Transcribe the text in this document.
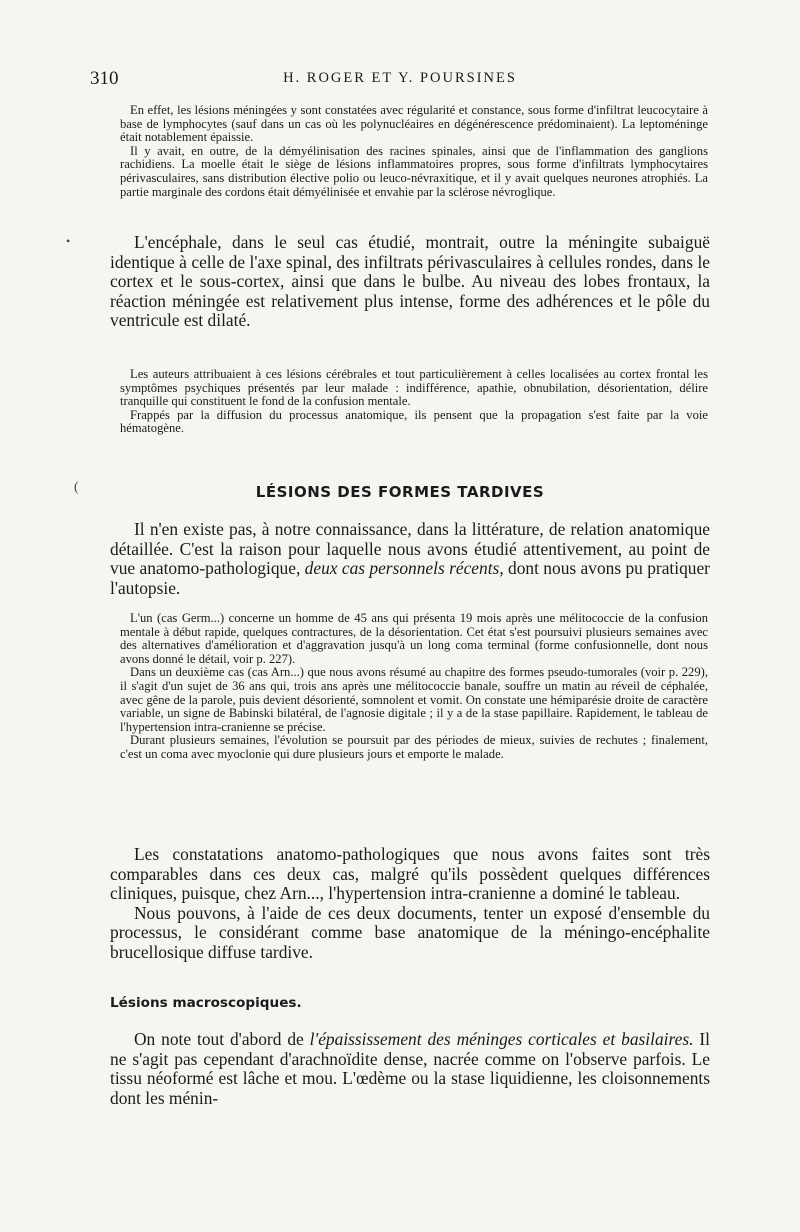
310	H. ROGER ET Y. POURSINES

En effet, les lésions méningées y sont constatées avec régularité et constance, sous forme d'infiltrat leucocytaire à base de lymphocytes (sauf dans un cas où les polynucléaires en dégénérescence prédominaient). La leptoméninge était notablement épaissie.

Il y avait, en outre, de la démyélinisation des racines spinales, ainsi que de l'inflammation des ganglions rachidiens. La moelle était le siège de lésions inflammatoires propres, sous forme d'infiltrats lymphocytaires périvasculaires, sans distribution élective polio ou leuco-névraxitique, et il y avait quelques neurones atrophiés. La partie marginale des cordons était démyélinisée et envahie par la sclérose névroglique.

L'encéphale, dans le seul cas étudié, montrait, outre la méningite subaiguë identique à celle de l'axe spinal, des infiltrats périvasculaires à cellules rondes, dans le cortex et le sous-cortex, ainsi que dans le bulbe. Au niveau des lobes frontaux, la réaction méningée est relativement plus intense, forme des adhérences et le pôle du ventricule est dilaté.

Les auteurs attribuaient à ces lésions cérébrales et tout particulièrement à celles localisées au cortex frontal les symptômes psychiques présentés par leur malade : indifférence, apathie, obnubilation, désorientation, délire tranquille qui constituent le fond de la confusion mentale.

Frappés par la diffusion du processus anatomique, ils pensent que la propagation s'est faite par la voie hématogène.

LÉSIONS DES FORMES TARDIVES

Il n'en existe pas, à notre connaissance, dans la littérature, de relation anatomique détaillée. C'est la raison pour laquelle nous avons étudié attentivement, au point de vue anatomo-pathologique, deux cas personnels récents, dont nous avons pu pratiquer l'autopsie.

L'un (cas Germ...) concerne un homme de 45 ans qui présenta 19 mois après une mélitococcie de la confusion mentale à début rapide, quelques contractures, de la désorientation. Cet état s'est poursuivi plusieurs semaines avec des alternatives d'amélioration et d'aggravation jusqu'à un long coma terminal (forme confusionnelle, dont nous avons donné le détail, voir p. 227).

Dans un deuxième cas (cas Arn...) que nous avons résumé au chapitre des formes pseudo-tumorales (voir p. 229), il s'agit d'un sujet de 36 ans qui, trois ans après une mélitococcie banale, souffre un matin au réveil de céphalée, avec gêne de la parole, puis devient désorienté, somnolent et vomit. On constate une hémiparésie droite de caractère variable, un signe de Babinski bilatéral, de l'agnosie digitale ; il y a de la stase papillaire. Rapidement, le tableau de l'hypertension intra-cranienne se précise.

Durant plusieurs semaines, l'évolution se poursuit par des périodes de mieux, suivies de rechutes ; finalement, c'est un coma avec myoclonie qui dure plusieurs jours et emporte le malade.

Les constatations anatomo-pathologiques que nous avons faites sont très comparables dans ces deux cas, malgré qu'ils possèdent quelques différences cliniques, puisque, chez Arn..., l'hypertension intra-cranienne a dominé le tableau.

Nous pouvons, à l'aide de ces deux documents, tenter un exposé d'ensemble du processus, le considérant comme base anatomique de la méningo-encéphalite brucellosique diffuse tardive.

Lésions macroscopiques.

On note tout d'abord de l'épaississement des méninges corticales et basilaires. Il ne s'agit pas cependant d'arachnoïdite dense, nacrée comme on l'observe parfois. Le tissu néoformé est lâche et mou. L'œdème ou la stase liquidienne, les cloisonnements dont les ménin-

(
•
